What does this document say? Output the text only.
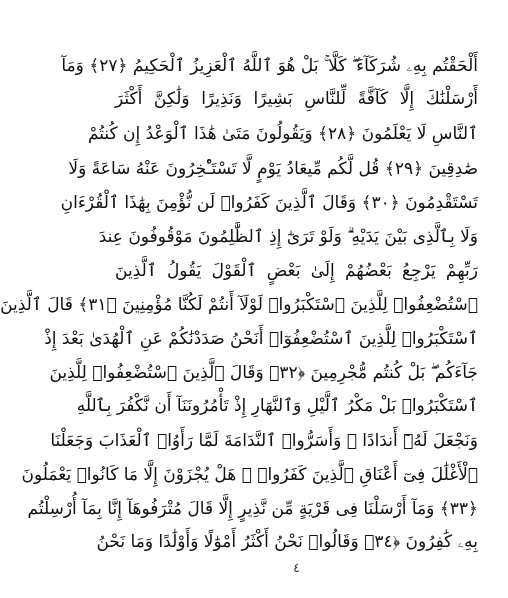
أَلْحَقْتُم بِهِۦ شُرَكَآءَ ۖ كَلَّا ۚ بَلْ هُوَ ٱللَّهُ ٱلْعَزِيزُ ٱلْحَكِيمُ ﴿٢٧﴾ وَمَآ
أَرْسَلْنَٰكَ إِلَّا كَآفَّةً لِّلنَّاسِ بَشِيرًا وَنَذِيرًا وَلَٰكِنَّ أَكْثَرَ
ٱلنَّاسِ لَا يَعْلَمُونَ ﴿٢٨﴾ وَيَقُولُونَ مَتَىٰ هَٰذَا ٱلْوَعْدُ إِن كُنتُمْ
صَٰدِقِينَ ﴿٢٩﴾ قُل لَّكُم مِّيعَادُ يَوْمٍ لَّا تَسْتَـْٔخِرُونَ عَنْهُ سَاعَةً وَلَا
تَسْتَقْدِمُونَ ﴿٣٠﴾ وَقَالَ ٱلَّذِينَ كَفَرُوا۟ لَن نُّؤْمِنَ بِهَٰذَا ٱلْقُرْءَانِ
وَلَا بِٱلَّذِى بَيْنَ يَدَيْهِ ۗ وَلَوْ تَرَىٰٓ إِذِ ٱلظَّٰلِمُونَ مَوْقُوفُونَ عِندَ
رَبِّهِمْ يَرْجِعُ بَعْضُهُمْ إِلَىٰ بَعْضٍ ٱلْقَوْلَ يَقُولُ ٱلَّذِينَ
ٱسْتُضْعِفُوا۟ لِلَّذِينَ ٱسْتَكْبَرُوا۟ لَوْلَآ أَنتُمْ لَكُنَّا مُؤْمِنِينَ ﴿٣١﴾ قَالَ ٱلَّذِينَ
ٱسْتَكْبَرُوا۟ لِلَّذِينَ ٱسْتُضْعِفُوٓا۟ أَنَحْنُ صَدَدْنَٰكُمْ عَنِ ٱلْهُدَىٰ بَعْدَ إِذْ
جَآءَكُم ۖ بَلْ كُنتُم مُّجْرِمِينَ ﴿٣٢﴾ وَقَالَ ٱلَّذِينَ ٱسْتُضْعِفُوا۟ لِلَّذِينَ
ٱسْتَكْبَرُوا۟ بَلْ مَكْرُ ٱلَّيْلِ وَٱلنَّهَارِ إِذْ تَأْمُرُونَنَآ أَن نَّكْفُرَ بِٱللَّهِ
وَنَجْعَلَ لَهُۥٓ أَندَادًا ۚ وَأَسَرُّوا۟ ٱلنَّدَامَةَ لَمَّا رَأَوُا۟ ٱلْعَذَابَ وَجَعَلْنَا
ٱلْأَغْلَٰلَ فِىٓ أَعْنَاقِ ٱلَّذِينَ كَفَرُوا۟ ۚ هَلْ يُجْزَوْنَ إِلَّا مَا كَانُوا۟ يَعْمَلُونَ
﴿٣٣﴾ وَمَآ أَرْسَلْنَا فِى قَرْيَةٍ مِّن نَّذِيرٍ إِلَّا قَالَ مُتْرَفُوهَآ إِنَّا بِمَآ أُرْسِلْتُم
بِهِۦ كَٰفِرُونَ ﴿٣٤﴾ وَقَالُوا۟ نَحْنُ أَكْثَرُ أَمْوَٰلًا وَأَوْلَٰدًا وَمَا نَحْنُ
٤
